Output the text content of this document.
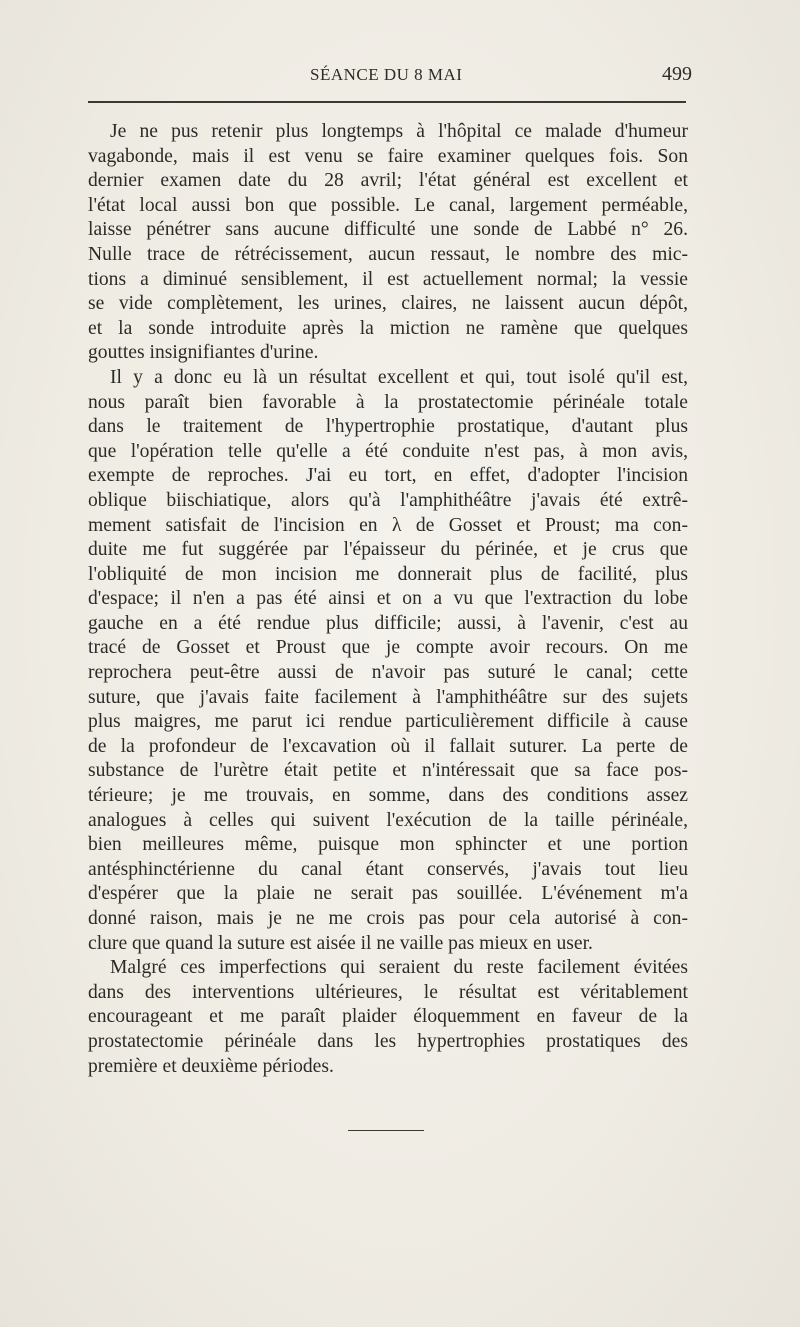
SÉANCE DU 8 MAI	499

Je ne pus retenir plus longtemps à l'hôpital ce malade d'humeur
vagabonde, mais il est venu se faire examiner quelques fois. Son
dernier examen date du 28 avril; l'état général est excellent et
l'état local aussi bon que possible. Le canal, largement perméable,
laisse pénétrer sans aucune difficulté une sonde de Labbé n° 26.
Nulle trace de rétrécissement, aucun ressaut, le nombre des mic-
tions a diminué sensiblement, il est actuellement normal; la vessie
se vide complètement, les urines, claires, ne laissent aucun dépôt,
et la sonde introduite après la miction ne ramène que quelques
gouttes insignifiantes d'urine.

Il y a donc eu là un résultat excellent et qui, tout isolé qu'il est,
nous paraît bien favorable à la prostatectomie périnéale totale
dans le traitement de l'hypertrophie prostatique, d'autant plus
que l'opération telle qu'elle a été conduite n'est pas, à mon avis,
exempte de reproches. J'ai eu tort, en effet, d'adopter l'incision
oblique biischiatique, alors qu'à l'amphithéâtre j'avais été extrê-
mement satisfait de l'incision en λ de Gosset et Proust; ma con-
duite me fut suggérée par l'épaisseur du périnée, et je crus que
l'obliquité de mon incision me donnerait plus de facilité, plus
d'espace; il n'en a pas été ainsi et on a vu que l'extraction du lobe
gauche en a été rendue plus difficile; aussi, à l'avenir, c'est au
tracé de Gosset et Proust que je compte avoir recours. On me
reprochera peut-être aussi de n'avoir pas suturé le canal; cette
suture, que j'avais faite facilement à l'amphithéâtre sur des sujets
plus maigres, me parut ici rendue particulièrement difficile à cause
de la profondeur de l'excavation où il fallait suturer. La perte de
substance de l'urètre était petite et n'intéressait que sa face pos-
térieure; je me trouvais, en somme, dans des conditions assez
analogues à celles qui suivent l'exécution de la taille périnéale,
bien meilleures même, puisque mon sphincter et une portion
antésphinctérienne du canal étant conservés, j'avais tout lieu
d'espérer que la plaie ne serait pas souillée. L'événement m'a
donné raison, mais je ne me crois pas pour cela autorisé à con-
clure que quand la suture est aisée il ne vaille pas mieux en user.

Malgré ces imperfections qui seraient du reste facilement évitées
dans des interventions ultérieures, le résultat est véritablement
encourageant et me paraît plaider éloquemment en faveur de la
prostatectomie périnéale dans les hypertrophies prostatiques des
première et deuxième périodes.
